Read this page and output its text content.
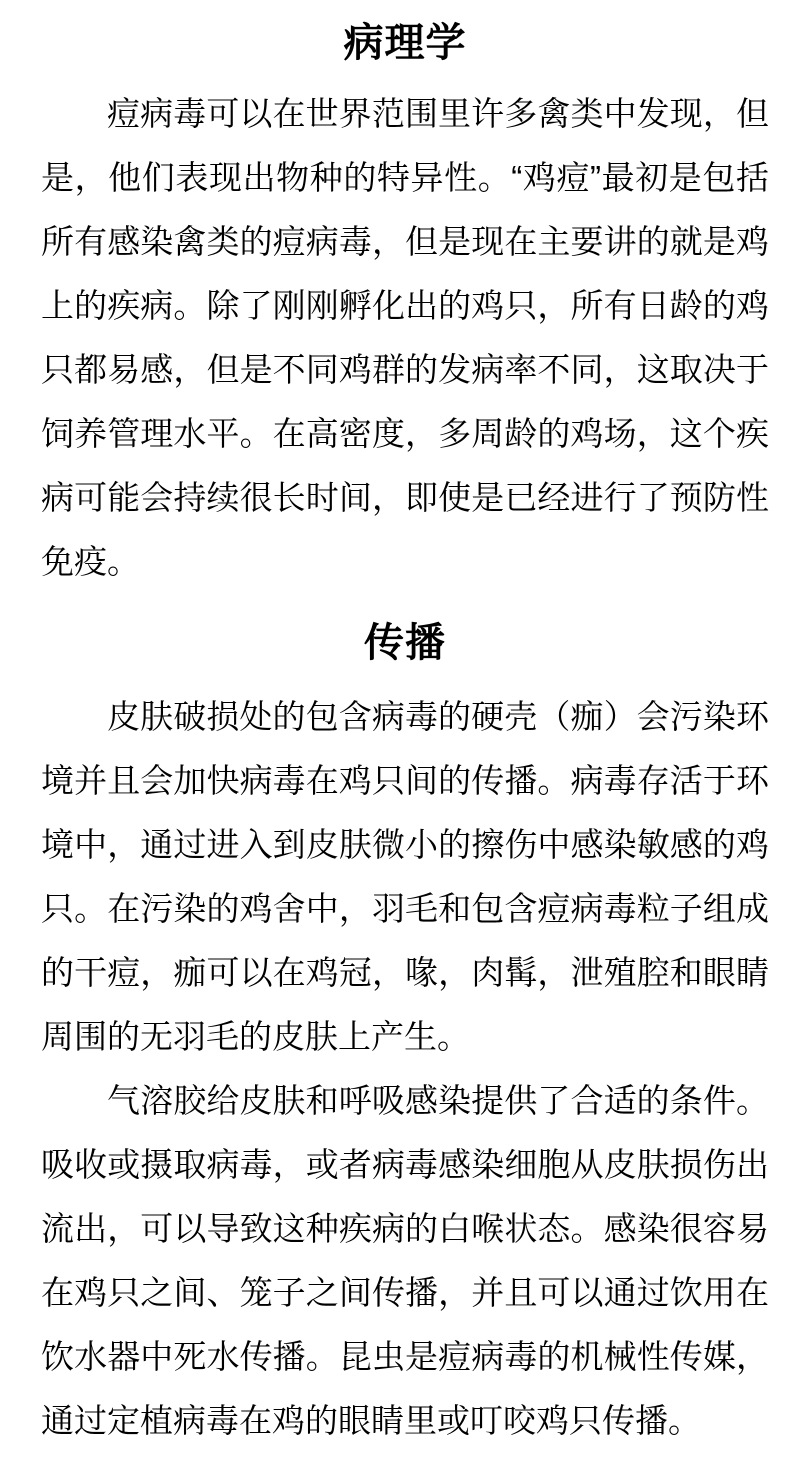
病理学
痘病毒可以在世界范围里许多禽类中发现，但
是，他们表现出物种的特异性。“鸡痘”最初是包括
所有感染禽类的痘病毒，但是现在主要讲的就是鸡
上的疾病。除了刚刚孵化出的鸡只，所有日龄的鸡
只都易感，但是不同鸡群的发病率不同，这取决于
饲养管理水平。在高密度，多周龄的鸡场，这个疾
病可能会持续很长时间，即使是已经进行了预防性
免疫。
传播
皮肤破损处的包含病毒的硬壳（痂）会污染环
境并且会加快病毒在鸡只间的传播。病毒存活于环
境中，通过进入到皮肤微小的擦伤中感染敏感的鸡
只。在污染的鸡舍中，羽毛和包含痘病毒粒子组成
的干痘，痂可以在鸡冠，喙，肉髯，泄殖腔和眼睛
周围的无羽毛的皮肤上产生。
气溶胶给皮肤和呼吸感染提供了合适的条件。
吸收或摄取病毒，或者病毒感染细胞从皮肤损伤出
流出，可以导致这种疾病的白喉状态。感染很容易
在鸡只之间、笼子之间传播，并且可以通过饮用在
饮水器中死水传播。昆虫是痘病毒的机械性传媒，
通过定植病毒在鸡的眼睛里或叮咬鸡只传播。
